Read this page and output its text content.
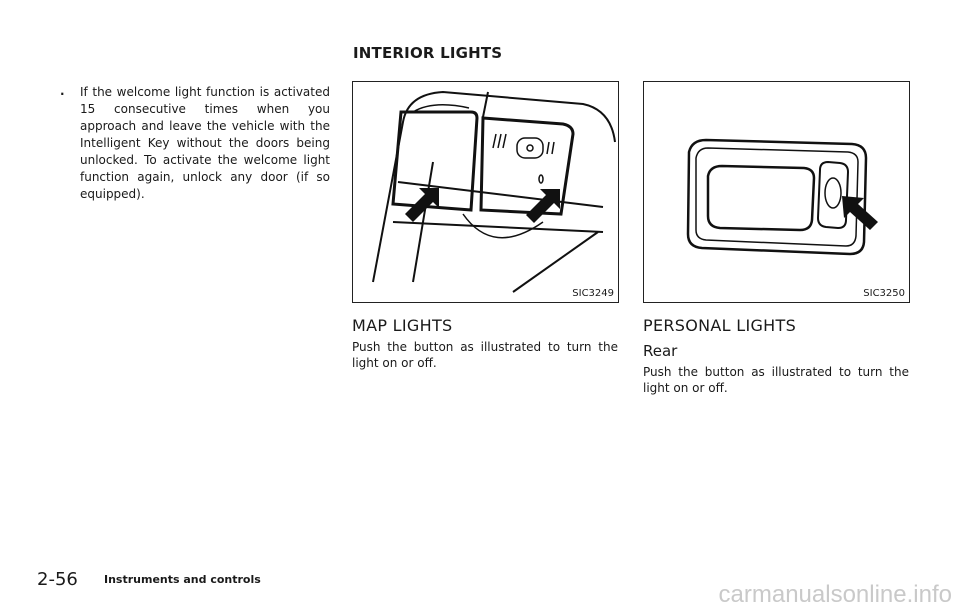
INTERIOR LIGHTS
. If the welcome light function is activated 15 consecutive times when you approach and leave the vehicle with the Intelligent Key without the doors being unlocked. To activate the welcome light function again, unlock any door (if so equipped).
SIC3249	SIC3250
MAP LIGHTS
Push the button as illustrated to turn the light on or off.
PERSONAL LIGHTS
Rear
Push the button as illustrated to turn the light on or off.
2-56 Instruments and controls
carmanualsonline.info
